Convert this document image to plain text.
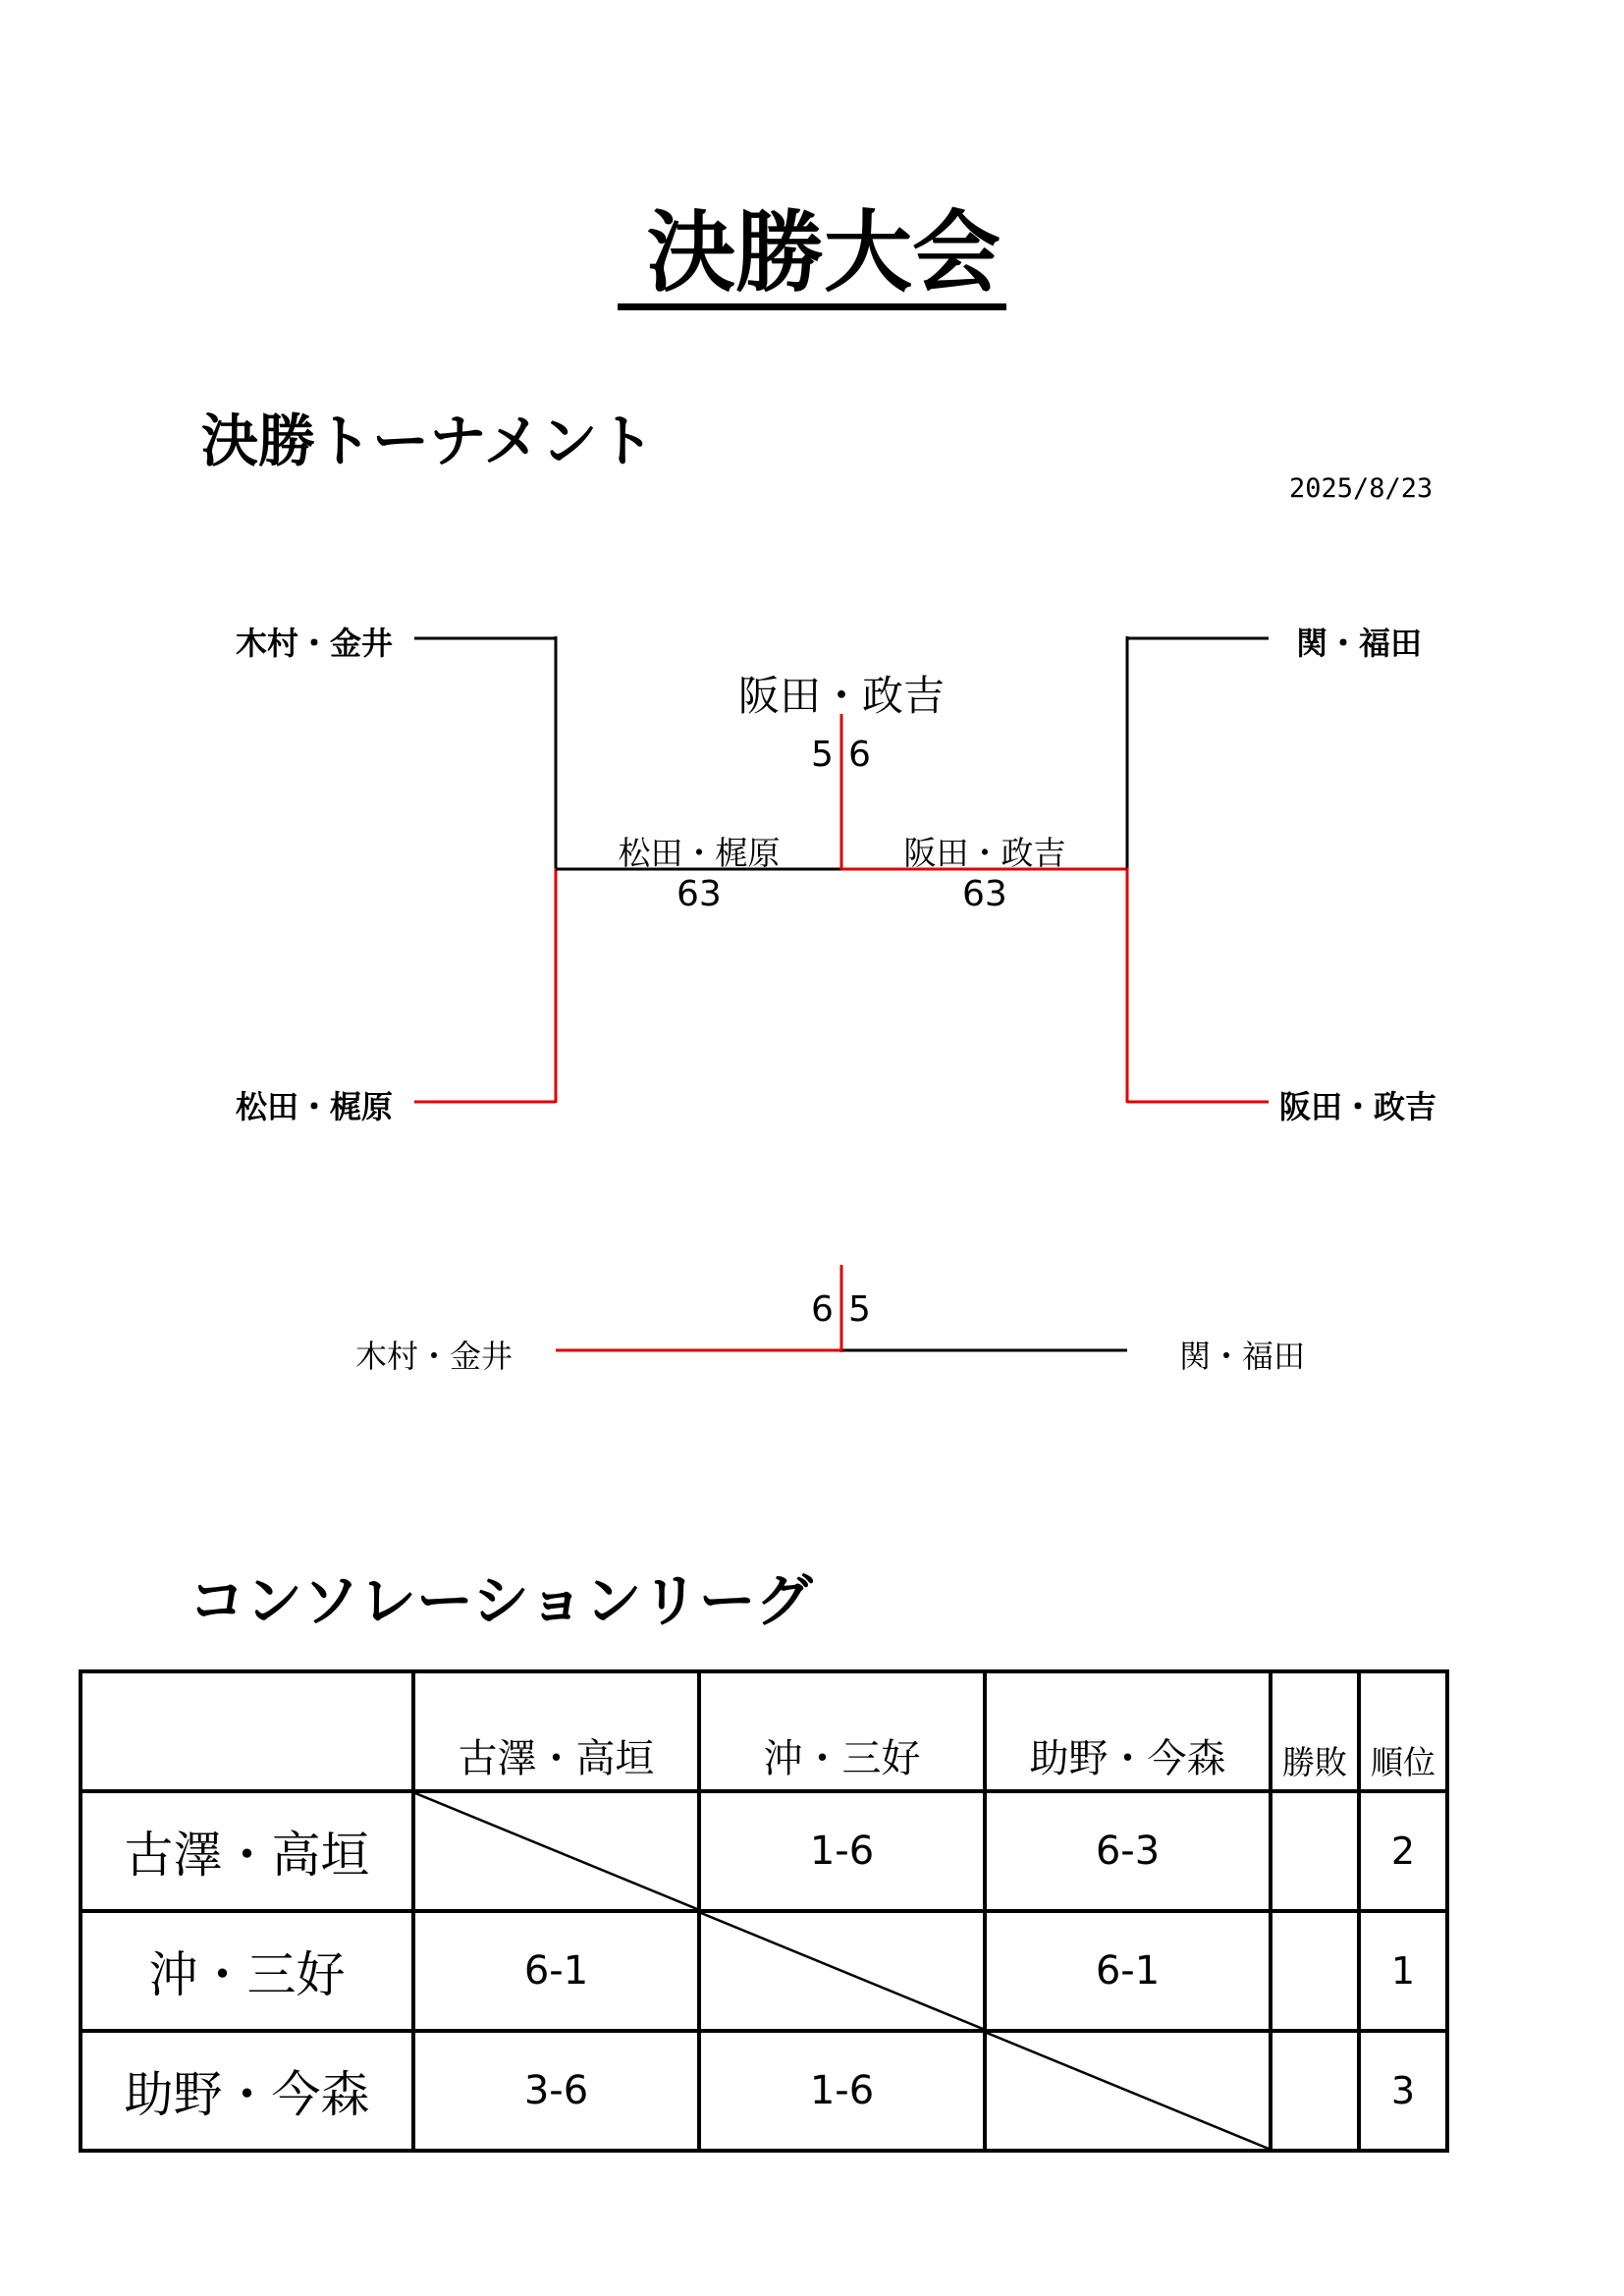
決勝大会
決勝トーナメント
2025/8/23
木村・金井
松田・梶原
関・福田
阪田・政吉
阪田・政吉
5 6
松田・梶原
63
阪田・政吉
63
6 5
木村・金井	関・福田
コンソレーションリーグ
	古澤・高垣	沖・三好	助野・今森	勝敗	順位
古澤・高垣		1-6	6-3		2
沖・三好	6-1		6-1		1
助野・今森	3-6	1-6			3
